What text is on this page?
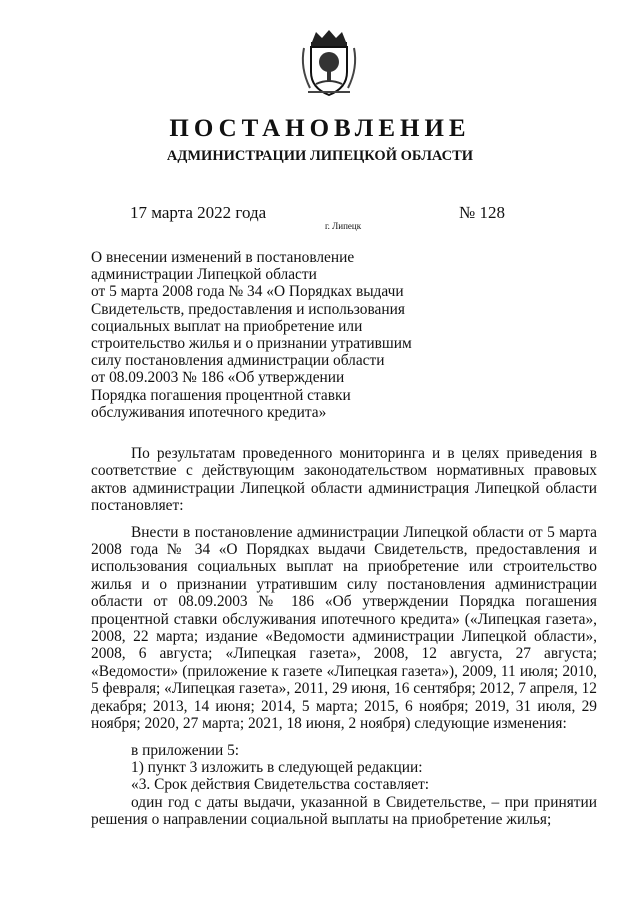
ПОСТАНОВЛЕНИЕ
АДМИНИСТРАЦИИ ЛИПЕЦКОЙ ОБЛАСТИ
17 марта 2022 года
г. Липецк
№ 128
О внесении изменений в постановление
администрации Липецкой области
от 5 марта 2008 года № 34 «О Порядках выдачи
Свидетельств, предоставления и использования
социальных выплат на приобретение или
строительство жилья и о признании утратившим
силу постановления администрации области
от 08.09.2003 № 186 «Об утверждении
Порядка погашения процентной ставки
обслуживания ипотечного кредита»

По результатам проведенного мониторинга и в целях приведения в соответствие с действующим законодательством нормативных правовых актов администрации Липецкой области администрация Липецкой области постановляет:

Внести в постановление администрации Липецкой области от 5 марта 2008 года № 34 «О Порядках выдачи Свидетельств, предоставления и использования социальных выплат на приобретение или строительство жилья и о признании утратившим силу постановления администрации области от 08.09.2003 № 186 «Об утверждении Порядка погашения процентной ставки обслуживания ипотечного кредита» («Липецкая газета», 2008, 22 марта; издание «Ведомости администрации Липецкой области», 2008, 6 августа; «Липецкая газета», 2008, 12 августа, 27 августа; «Ведомости» (приложение к газете «Липецкая газета»), 2009, 11 июля; 2010, 5 февраля; «Липецкая газета», 2011, 29 июня, 16 сентября; 2012, 7 апреля, 12 декабря; 2013, 14 июня; 2014, 5 марта; 2015, 6 ноября; 2019, 31 июля, 29 ноября; 2020, 27 марта; 2021, 18 июня, 2 ноября) следующие изменения:

в приложении 5:

1) пункт 3 изложить в следующей редакции:

«3. Срок действия Свидетельства составляет:

один год с даты выдачи, указанной в Свидетельстве, – при принятии решения о направлении социальной выплаты на приобретение жилья;
